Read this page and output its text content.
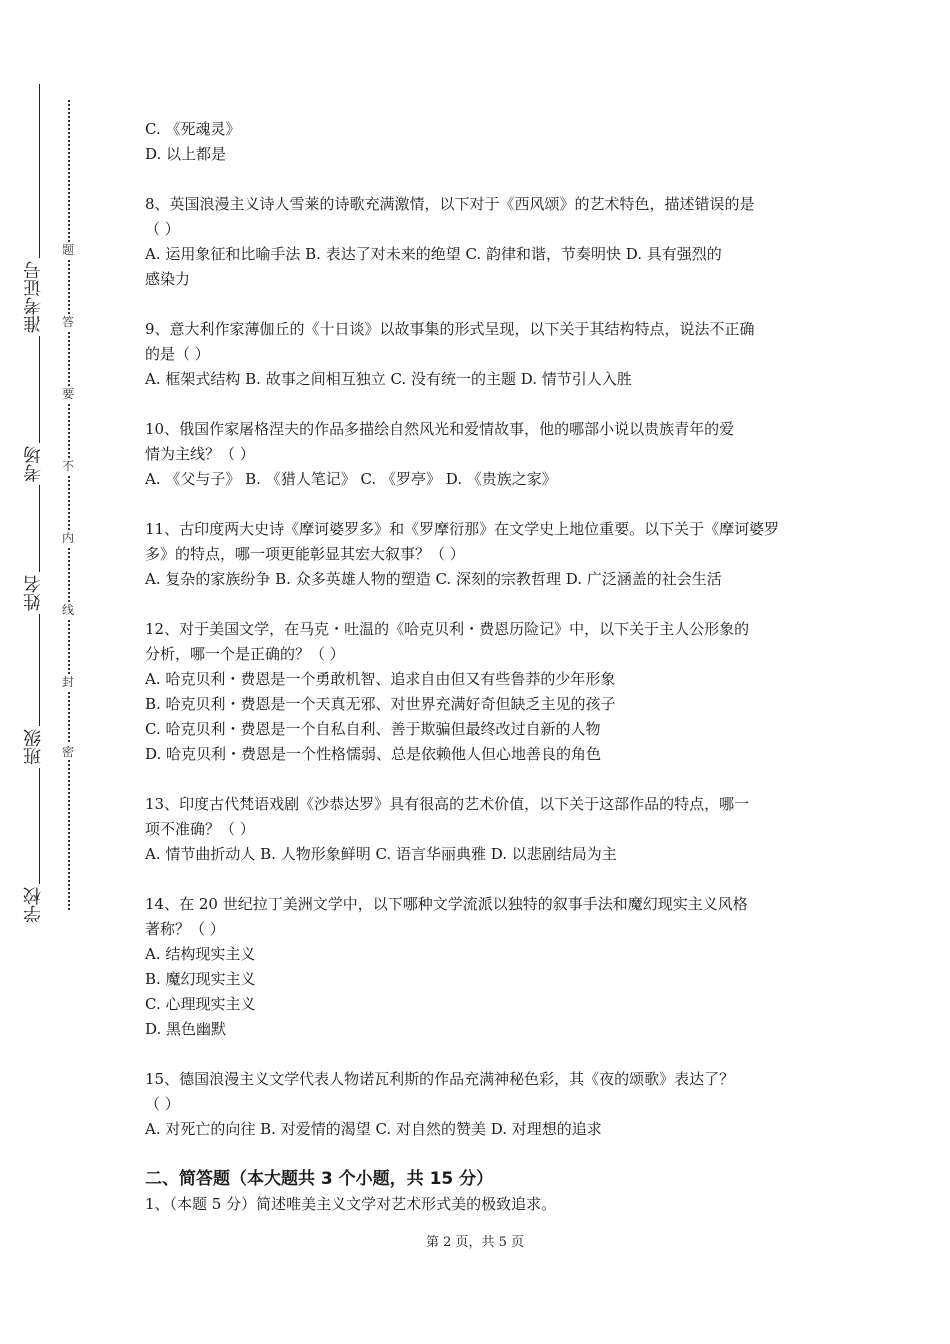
学校
班级
姓名
考场
准考证号
密
封
线
内
不
要
答
题

C. 《死魂灵》

D. 以上都是

8、英国浪漫主义诗人雪莱的诗歌充满激情，以下对于《西风颂》的艺术特色，描述错误的是

（ ）

A. 运用象征和比喻手法 B. 表达了对未来的绝望 C. 韵律和谐，节奏明快 D. 具有强烈的

感染力

9、意大利作家薄伽丘的《十日谈》以故事集的形式呈现，以下关于其结构特点，说法不正确

的是（ ）

A. 框架式结构 B. 故事之间相互独立 C. 没有统一的主题 D. 情节引人入胜

10、俄国作家屠格涅夫的作品多描绘自然风光和爱情故事，他的哪部小说以贵族青年的爱

情为主线？（ ）

A. 《父与子》 B. 《猎人笔记》 C. 《罗亭》 D. 《贵族之家》

11、古印度两大史诗《摩诃婆罗多》和《罗摩衍那》在文学史上地位重要。以下关于《摩诃婆罗

多》的特点，哪一项更能彰显其宏大叙事？（ ）

A. 复杂的家族纷争 B. 众多英雄人物的塑造 C. 深刻的宗教哲理 D. 广泛涵盖的社会生活

12、对于美国文学，在马克・吐温的《哈克贝利・费恩历险记》中，以下关于主人公形象的

分析，哪一个是正确的？（ ）

A. 哈克贝利・费恩是一个勇敢机智、追求自由但又有些鲁莽的少年形象

B. 哈克贝利・费恩是一个天真无邪、对世界充满好奇但缺乏主见的孩子

C. 哈克贝利・费恩是一个自私自利、善于欺骗但最终改过自新的人物

D. 哈克贝利・费恩是一个性格懦弱、总是依赖他人但心地善良的角色

13、印度古代梵语戏剧《沙恭达罗》具有很高的艺术价值，以下关于这部作品的特点，哪一

项不准确？（ ）

A. 情节曲折动人 B. 人物形象鲜明 C. 语言华丽典雅 D. 以悲剧结局为主

14、在 20 世纪拉丁美洲文学中，以下哪种文学流派以独特的叙事手法和魔幻现实主义风格

著称？（ ）

A. 结构现实主义

B. 魔幻现实主义

C. 心理现实主义

D. 黑色幽默

15、德国浪漫主义文学代表人物诺瓦利斯的作品充满神秘色彩，其《夜的颂歌》表达了？

（ ）

A. 对死亡的向往 B. 对爱情的渴望 C. 对自然的赞美 D. 对理想的追求

二、简答题（本大题共 3 个小题，共 15 分）

1、（本题 5 分）简述唯美主义文学对艺术形式美的极致追求。

第 2 页，共 5 页
